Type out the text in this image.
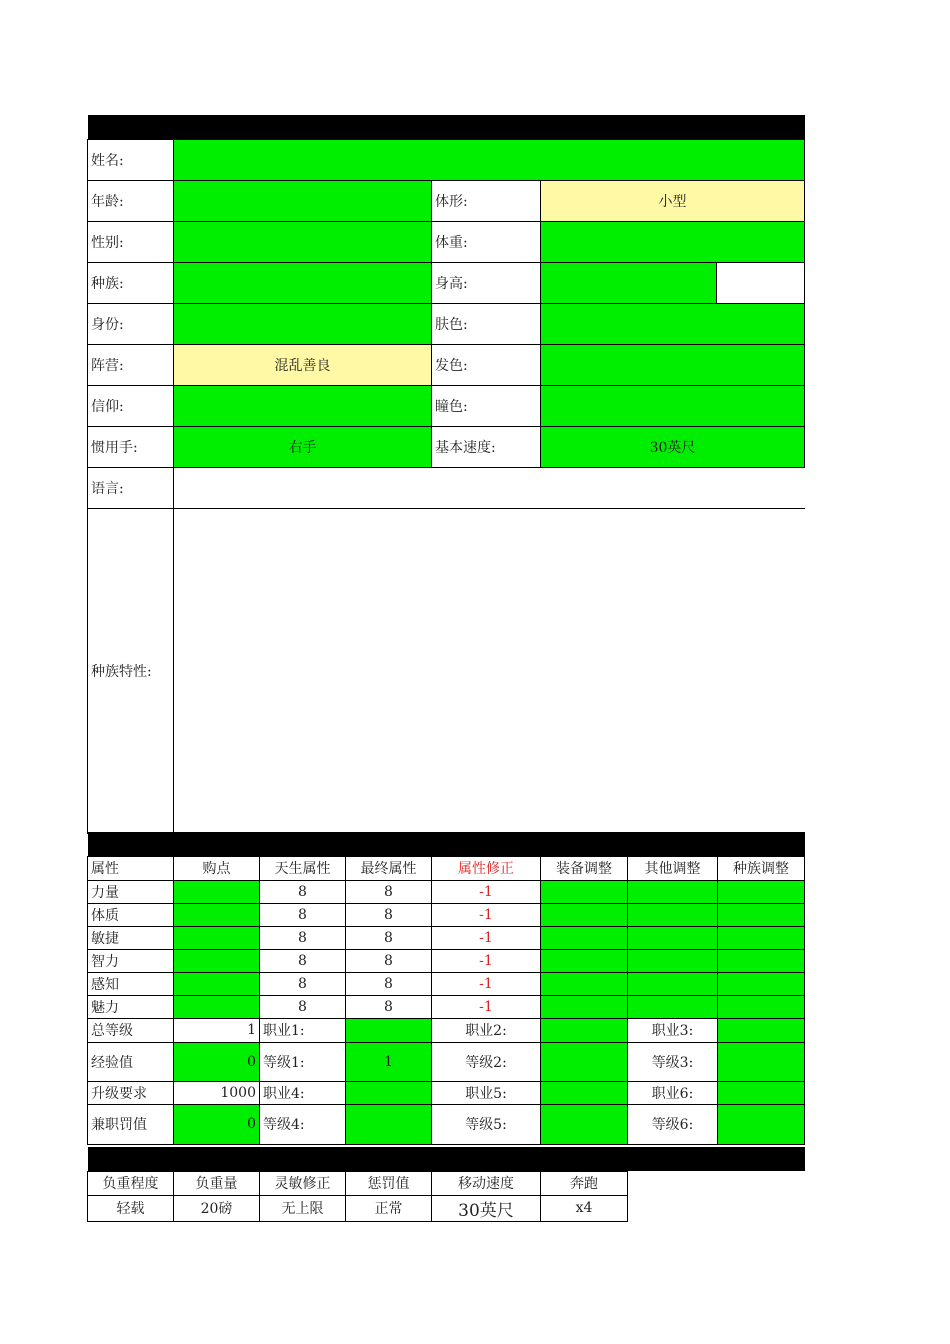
姓名:				
年龄:		体形:	小型	
性别:		体重:		
种族:		身高:		
身份:		肤色:		
阵营:	混乱善良	发色:		
信仰:		瞳色:		
惯用手:	右手	基本速度:	30英尺	
语言:				
种族特性:				

属性	购点	天生属性	最终属性	属性修正	装备调整	其他调整	种族调整
力量		8	8	-1			
体质		8	8	-1			
敏捷		8	8	-1			
智力		8	8	-1			
感知		8	8	-1			
魅力		8	8	-1			
总等级	1	职业1:		职业2:		职业3:	
经验值	0	等级1:	1	等级2:		等级3:	
升级要求	1000	职业4:		职业5:		职业6:	
兼职罚值	0	等级4:		等级5:		等级6:	

负重程度	负重量	灵敏修正	惩罚值	移动速度	奔跑	
轻载	20磅	无上限	正常	30英尺	x4	
